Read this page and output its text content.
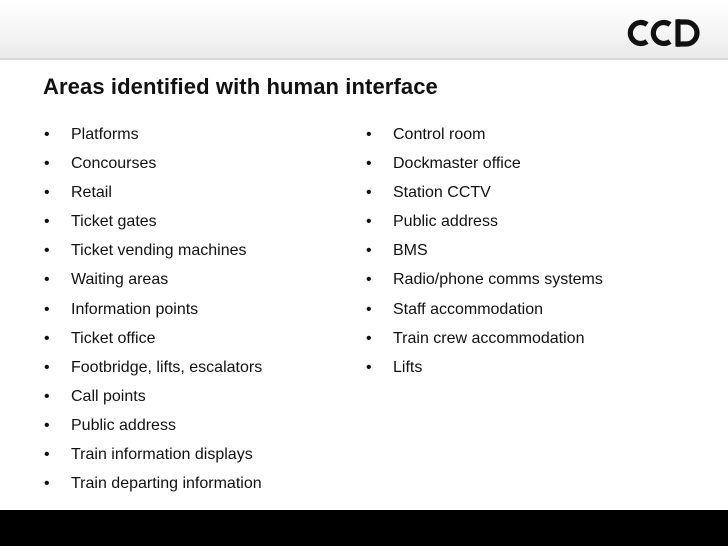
Areas identified with human interface
• Platforms
• Concourses
• Retail
• Ticket gates
• Ticket vending machines
• Waiting areas
• Information points
• Ticket office
• Footbridge, lifts, escalators
• Call points
• Public address
• Train information displays
• Train departing information
• Control room
• Dockmaster office
• Station CCTV
• Public address
• BMS
• Radio/phone comms systems
• Staff accommodation
• Train crew accommodation
• Lifts
